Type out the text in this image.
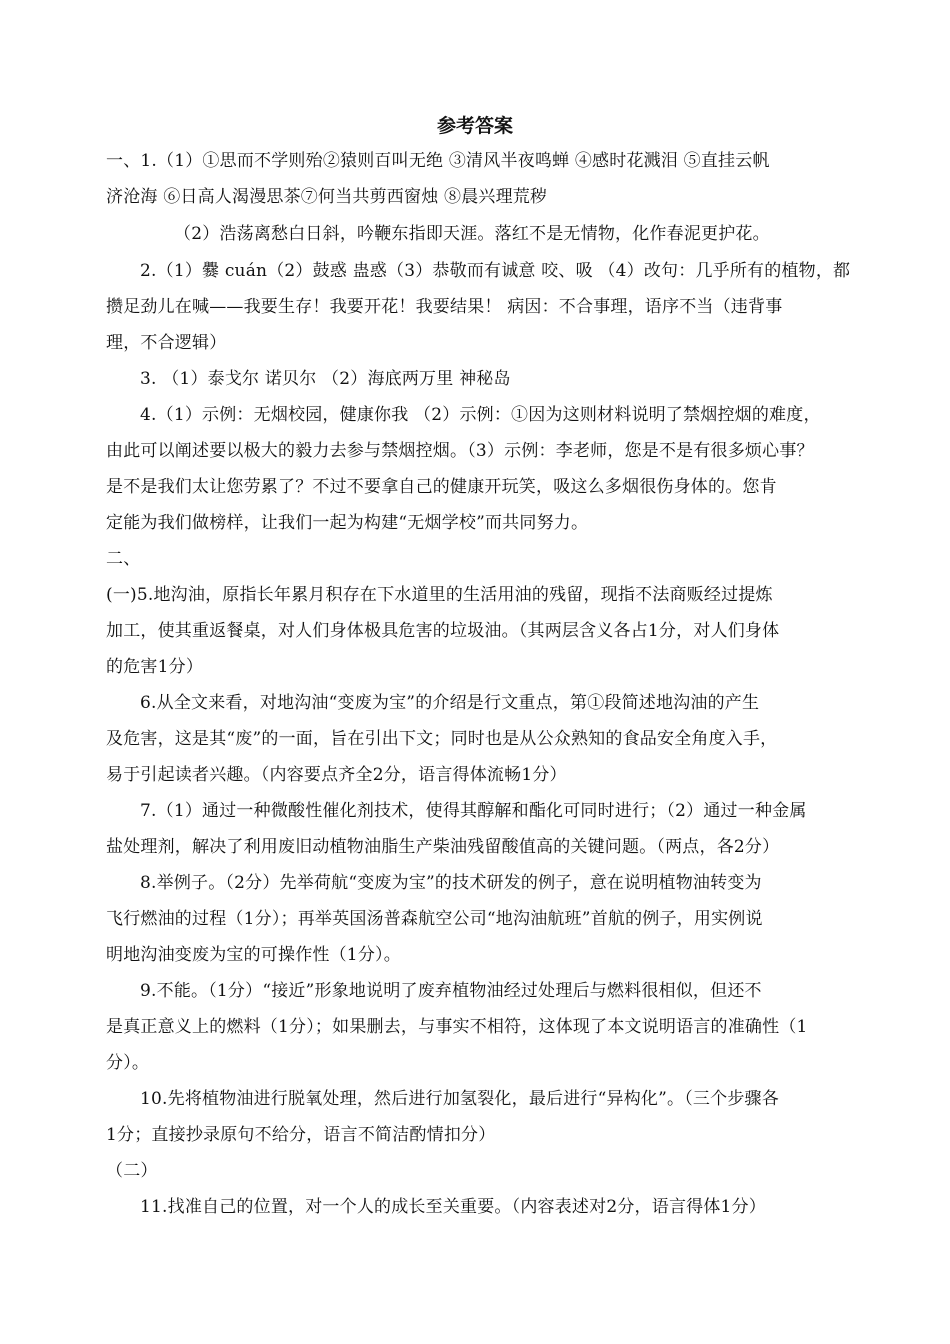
参考答案
一、1.（1）①思而不学则殆②猿则百叫无绝 ③清风半夜鸣蝉 ④感时花溅泪 ⑤直挂云帆
济沧海 ⑥日高人渴漫思茶⑦何当共剪西窗烛 ⑧晨兴理荒秽
（2）浩荡离愁白日斜，吟鞭东指即天涯。落红不是无情物，化作春泥更护花。
2.（1）爨 cuán（2）鼓惑 蛊惑（3）恭敬而有诚意 咬、吸 （4）改句：几乎所有的植物，都
攒足劲儿在喊——我要生存！我要开花！我要结果！ 病因：不合事理，语序不当（违背事
理，不合逻辑）
3. （1）泰戈尔 诺贝尔 （2）海底两万里 神秘岛
4.（1）示例：无烟校园，健康你我 （2）示例：①因为这则材料说明了禁烟控烟的难度，
由此可以阐述要以极大的毅力去参与禁烟控烟。（3）示例：李老师，您是不是有很多烦心事？
是不是我们太让您劳累了？不过不要拿自己的健康开玩笑，吸这么多烟很伤身体的。您肯
定能为我们做榜样，让我们一起为构建“无烟学校”而共同努力。
二、
(一)5.地沟油，原指长年累月积存在下水道里的生活用油的残留，现指不法商贩经过提炼
加工，使其重返餐桌，对人们身体极具危害的垃圾油。（其两层含义各占1分，对人们身体
的危害1分）
6.从全文来看，对地沟油“变废为宝”的介绍是行文重点，第①段简述地沟油的产生
及危害，这是其“废”的一面，旨在引出下文；同时也是从公众熟知的食品安全角度入手，
易于引起读者兴趣。（内容要点齐全2分，语言得体流畅1分）
7.（1）通过一种微酸性催化剂技术，使得其醇解和酯化可同时进行；（2）通过一种金属
盐处理剂，解决了利用废旧动植物油脂生产柴油残留酸值高的关键问题。（两点，各2分）
8.举例子。（2分）先举荷航“变废为宝”的技术研发的例子，意在说明植物油转变为
飞行燃油的过程（1分）；再举英国汤普森航空公司“地沟油航班”首航的例子，用实例说
明地沟油变废为宝的可操作性（1分）。
9.不能。（1分）“接近”形象地说明了废弃植物油经过处理后与燃料很相似，但还不
是真正意义上的燃料（1分）；如果删去，与事实不相符，这体现了本文说明语言的准确性（1
分）。
10.先将植物油进行脱氧处理，然后进行加氢裂化，最后进行“异构化”。（三个步骤各
1分；直接抄录原句不给分，语言不简洁酌情扣分）
（二）
11.找准自己的位置，对一个人的成长至关重要。（内容表述对2分，语言得体1分）
